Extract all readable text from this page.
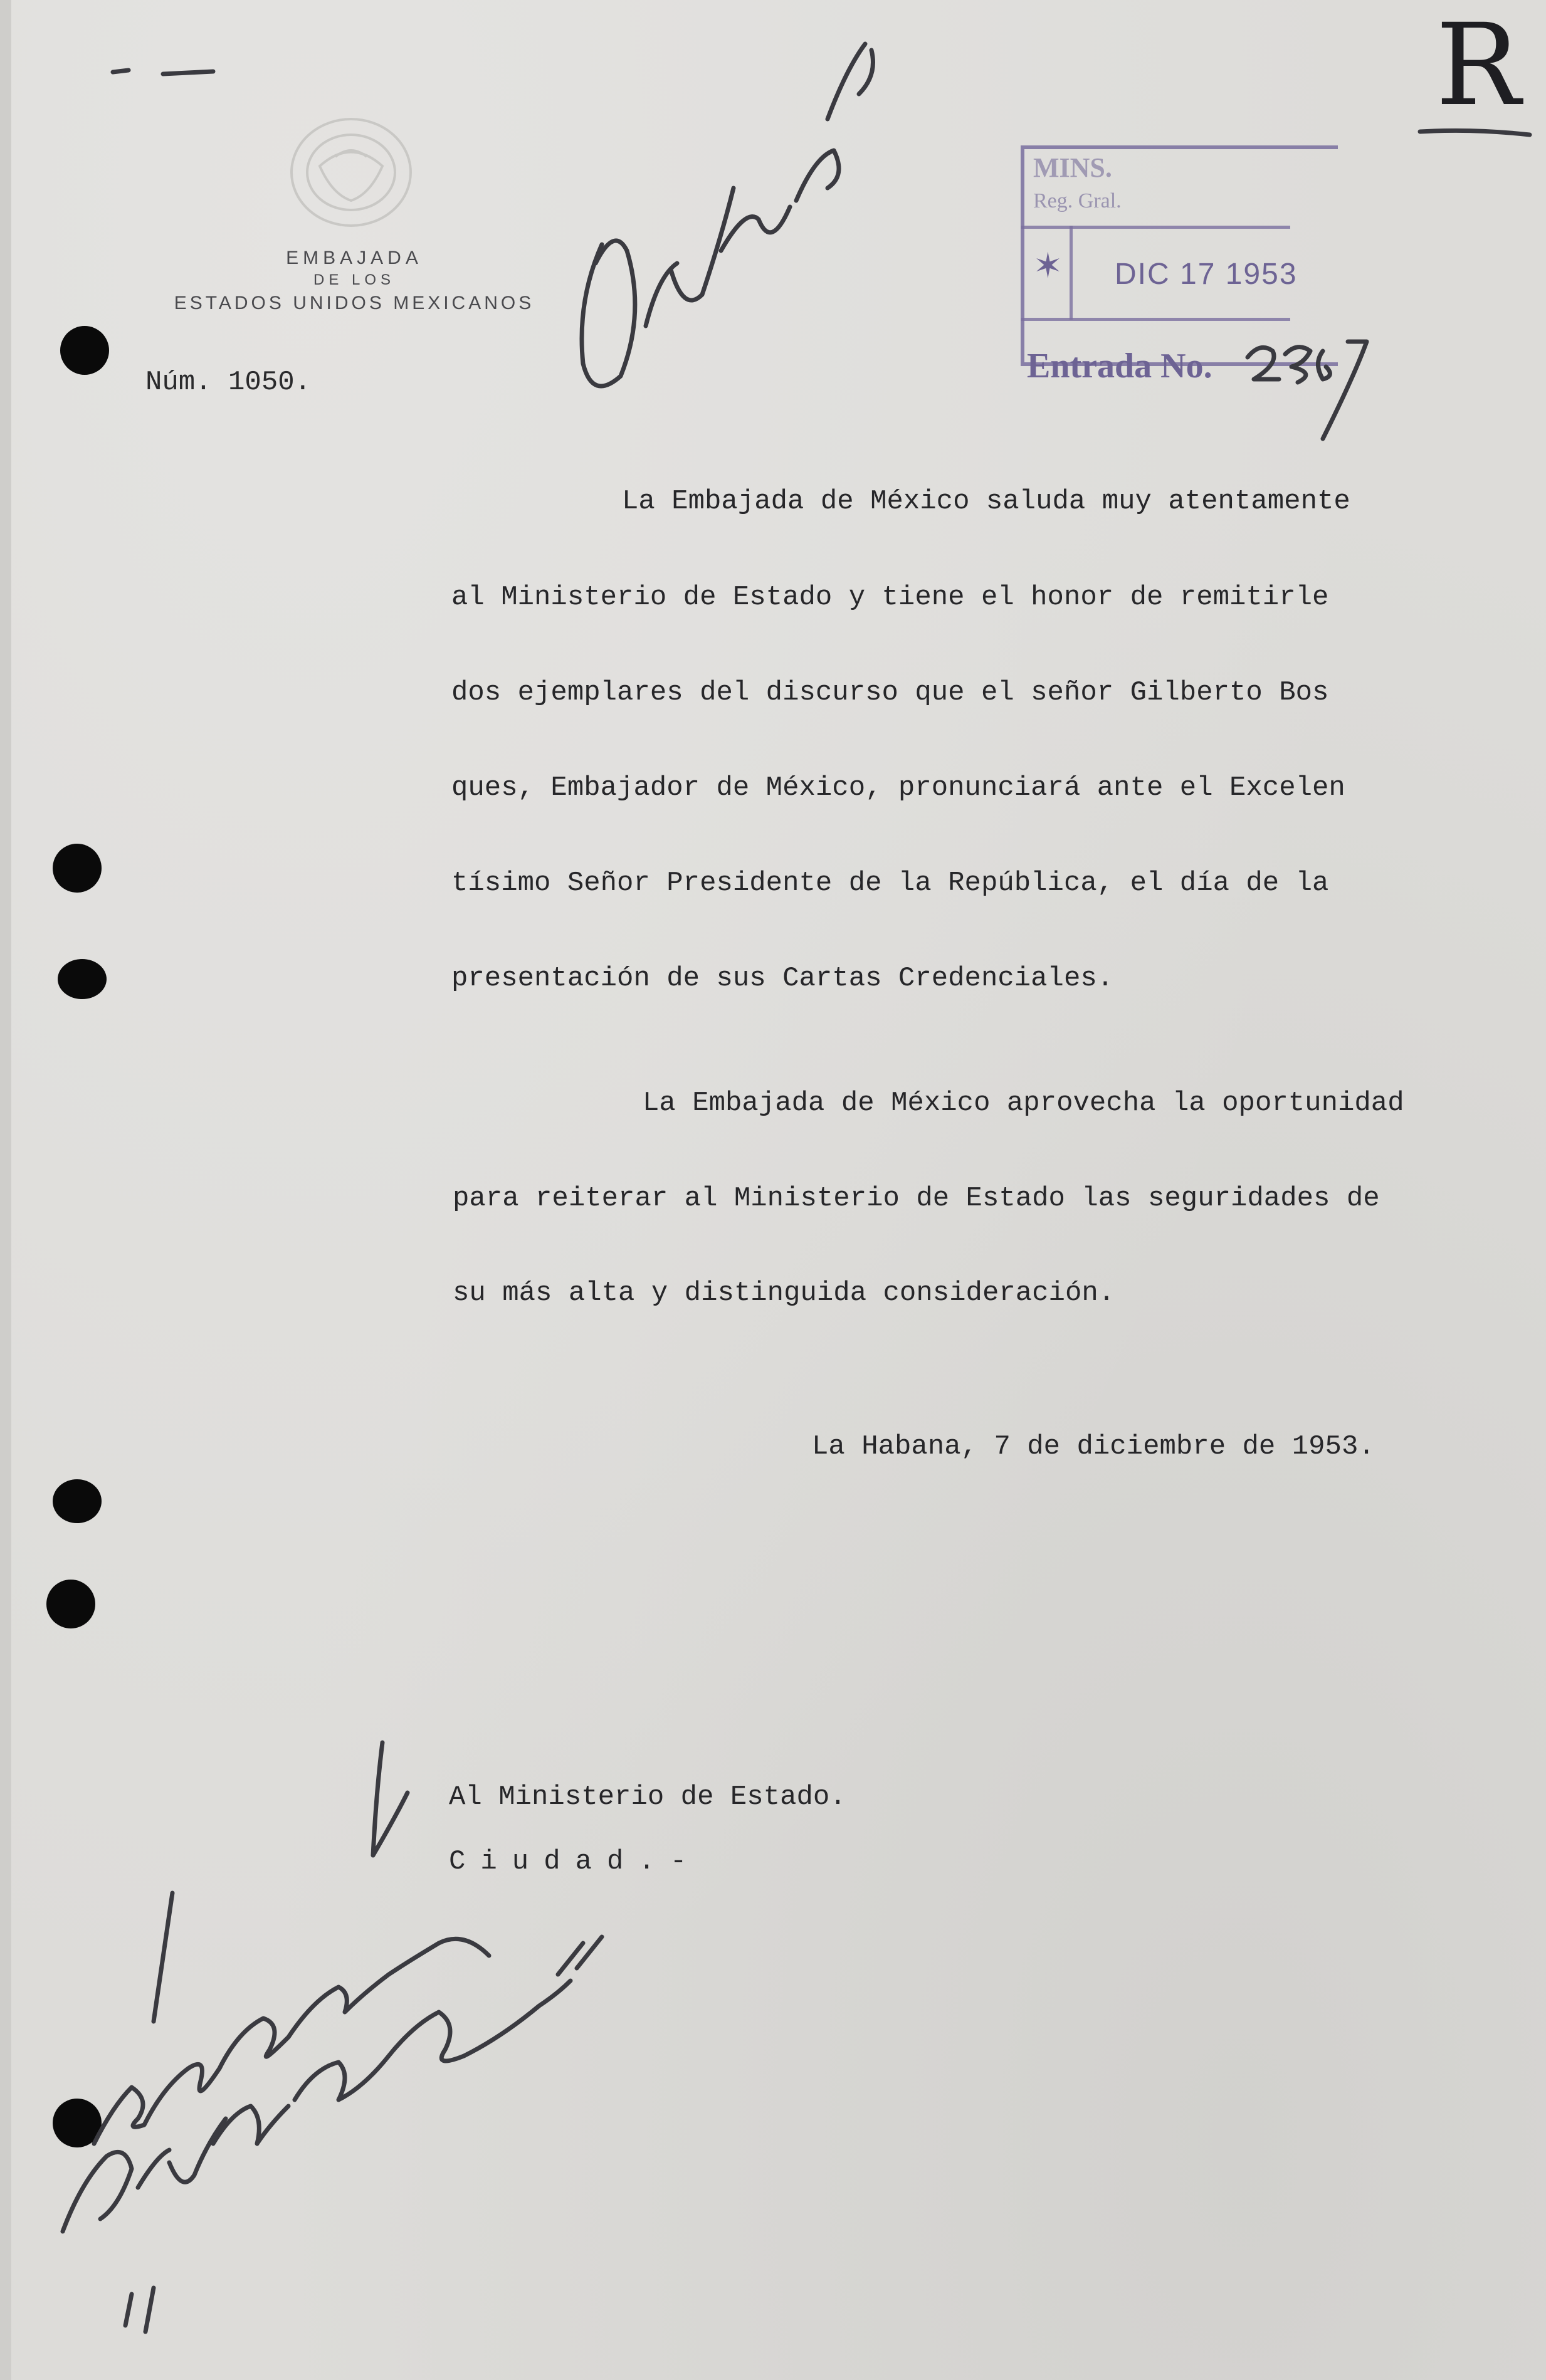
EMBAJADA
DE LOS
ESTADOS UNIDOS MEXICANOS
Núm. 1050.
MINS.
Reg. Gral.
✶ DIC 17 1953
Entrada No.
R
La Embajada de México saluda muy atentamente
al Ministerio de Estado y tiene el honor de remitirle
dos ejemplares del discurso que el señor Gilberto Bos
ques, Embajador de México, pronunciará ante el Excelen
tísimo Señor Presidente de la República, el día de la
presentación de sus Cartas Credenciales.
La Embajada de México aprovecha la oportunidad
para reiterar al Ministerio de Estado las seguridades de
su más alta y distinguida consideración.
La Habana, 7 de diciembre de 1953.
Al Ministerio de Estado.
Ciudad.-
